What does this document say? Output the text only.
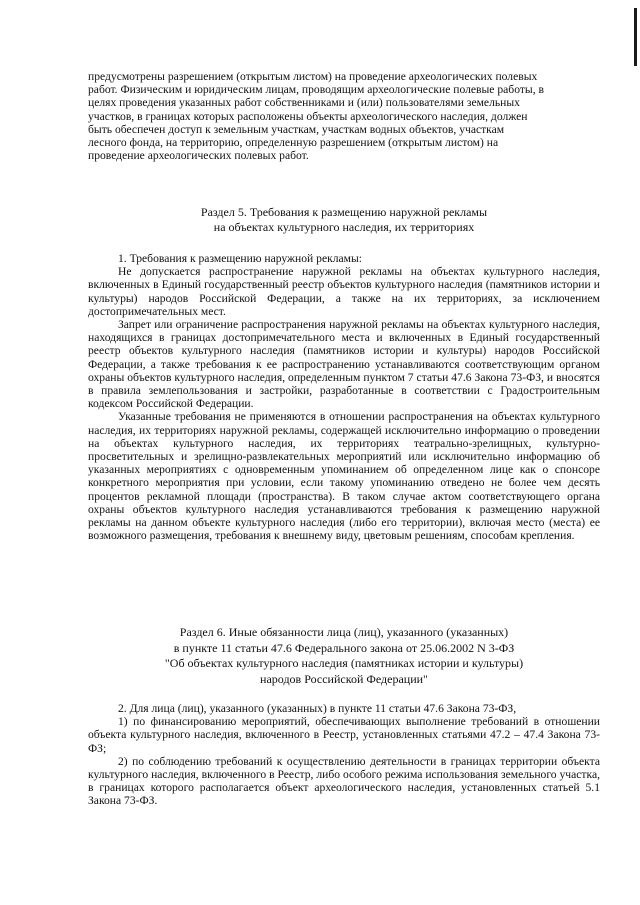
предусмотрены разрешением (открытым листом) на проведение археологических полевых
работ. Физическим и юридическим лицам, проводящим археологические полевые работы, в
целях проведения указанных работ собственниками и (или) пользователями земельных
участков, в границах которых расположены объекты археологического наследия, должен
быть обеспечен доступ к земельным участкам, участкам водных объектов, участкам
лесного фонда, на территорию, определенную разрешением (открытым листом) на
проведение археологических полевых работ.
Раздел 5. Требования к размещению наружной рекламы
на объектах культурного наследия, их территориях

1. Требования к размещению наружной рекламы:

Не допускается распространение наружной рекламы на объектах культурного наследия, включенных в Единый государственный реестр объектов культурного наследия (памятников истории и культуры) народов Российской Федерации, а также на их территориях, за исключением достопримечательных мест.

Запрет или ограничение распространения наружной рекламы на объектах культурного наследия, находящихся в границах достопримечательного места и включенных в Единый государственный реестр объектов культурного наследия (памятников истории и культуры) народов Российской Федерации, а также требования к ее распространению устанавливаются соответствующим органом охраны объектов культурного наследия, определенным пунктом 7 статьи 47.6 Закона 73-ФЗ, и вносятся в правила землепользования и застройки, разработанные в соответствии с Градостроительным кодексом Российской Федерации.

Указанные требования не применяются в отношении распространения на объектах культурного наследия, их территориях наружной рекламы, содержащей исключительно информацию о проведении на объектах культурного наследия, их территориях театрально-зрелищных, культурно-просветительных и зрелищно-развлекательных мероприятий или исключительно информацию об указанных мероприятиях с одновременным упоминанием об определенном лице как о спонсоре конкретного мероприятия при условии, если такому упоминанию отведено не более чем десять процентов рекламной площади (пространства). В таком случае актом соответствующего органа охраны объектов культурного наследия устанавливаются требования к размещению наружной рекламы на данном объекте культурного наследия (либо его территории), включая место (места) ее возможного размещения, требования к внешнему виду, цветовым решениям, способам крепления.

Раздел 6. Иные обязанности лица (лиц), указанного (указанных)
в пункте 11 статьи 47.6 Федерального закона от 25.06.2002 N 3-ФЗ
"Об объектах культурного наследия (памятниках истории и культуры)
народов Российской Федерации"

2. Для лица (лиц), указанного (указанных) в пункте 11 статьи 47.6 Закона 73-ФЗ,

1) по финансированию мероприятий, обеспечивающих выполнение требований в отношении объекта культурного наследия, включенного в Реестр, установленных статьями 47.2 – 47.4 Закона 73-ФЗ;

2) по соблюдению требований к осуществлению деятельности в границах территории объекта культурного наследия, включенного в Реестр, либо особого режима использования земельного участка, в границах которого располагается объект археологического наследия, установленных статьей 5.1 Закона 73-ФЗ.
